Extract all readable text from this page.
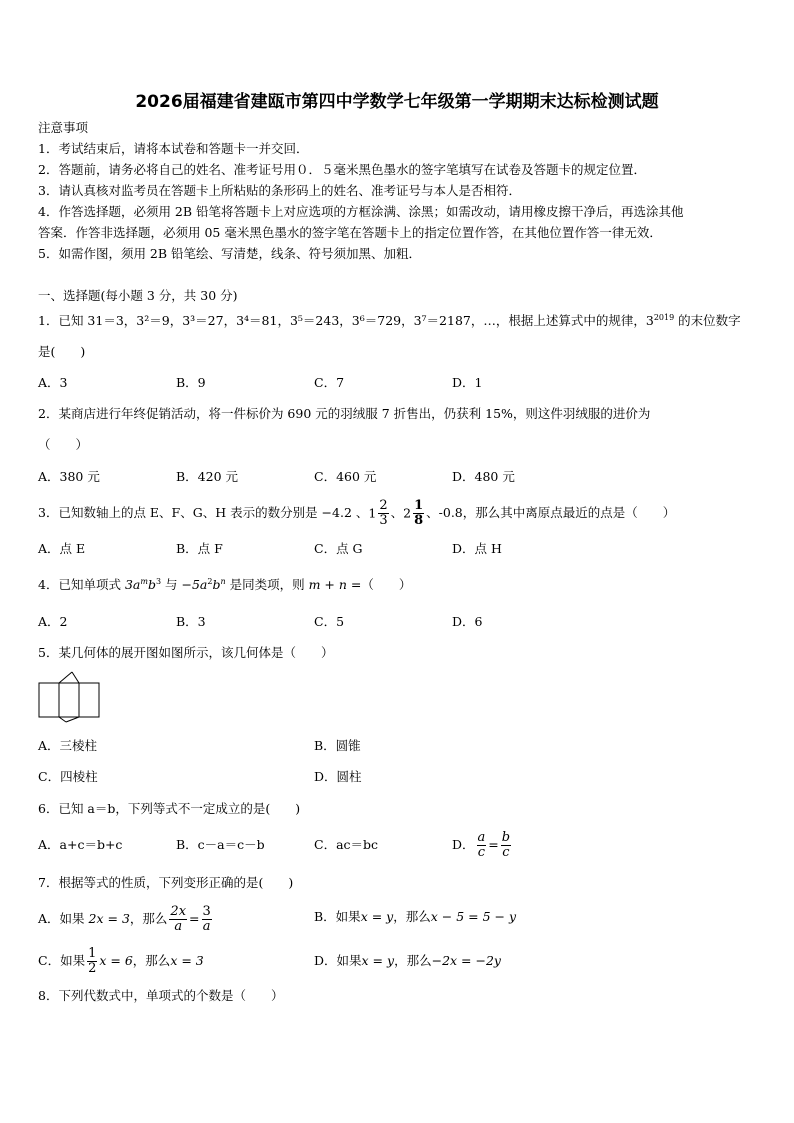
2026届福建省建瓯市第四中学数学七年级第一学期期末达标检测试题
注意事项
1．考试结束后，请将本试卷和答题卡一并交回．
2．答题前，请务必将自己的姓名、准考证号用０．５毫米黑色墨水的签字笔填写在试卷及答题卡的规定位置．
3．请认真核对监考员在答题卡上所粘贴的条形码上的姓名、准考证号与本人是否相符．
4．作答选择题，必须用 2B 铅笔将答题卡上对应选项的方框涂满、涂黑；如需改动，请用橡皮擦干净后，再选涂其他
答案．作答非选择题，必须用 05 毫米黑色墨水的签字笔在答题卡上的指定位置作答，在其他位置作答一律无效．
5．如需作图，须用 2B 铅笔绘、写清楚，线条、符号须加黑、加粗．
一、选择题(每小题 3 分，共 30 分)
1．已知 31＝3，3²＝9，3³＝27，3⁴＝81，3⁵＝243，3⁶＝729，3⁷＝2187，…，根据上述算式中的规律，$3^{2019}$ 的末位数字
是(　　)
A．3	B．9	C．7	D．1
2．某商店进行年终促销活动，将一件标价为 690 元的羽绒服 7 折售出，仍获利 15%，则这件羽绒服的进价为
（　　）
A．380 元	B．420 元	C．460 元	D．480 元
3．已知数轴上的点 E、F、G、H 表示的数分别是 −4.2 、$1 \frac{2}{3}$ 、$2 \frac{1}{8}$ 、-0.8，那么其中离原点最近的点是（　　）
A．点 E	B．点 F	C．点 G	D．点 H
4．已知单项式 $3a^mb^3$ 与 $-5a^2b^n$ 是同类项，则 m + n =（　　）
A．2	B．3	C．5	D．6
5．某几何体的展开图如图所示，该几何体是（　　）
A．三棱柱	B．圆锥
C．四棱柱	D．圆柱
6．已知 a＝b，下列等式不一定成立的是(　　)
A．a+c＝b+c	B．c－a＝c－b	C．ac＝bc	D． $\frac{a}{c} = \frac{b}{c}$
7．根据等式的性质，下列变形正确的是(　　)
A．如果 2x = 3，那么 $\frac{2x}{a} = \frac{3}{a}$	B．如果x = y，那么x − 5 = 5 − y
C．如果 $\frac{1}{2}$ x = 6，那么x = 3	D．如果x = y，那么−2x = −2y
8．下列代数式中，单项式的个数是（　　）
